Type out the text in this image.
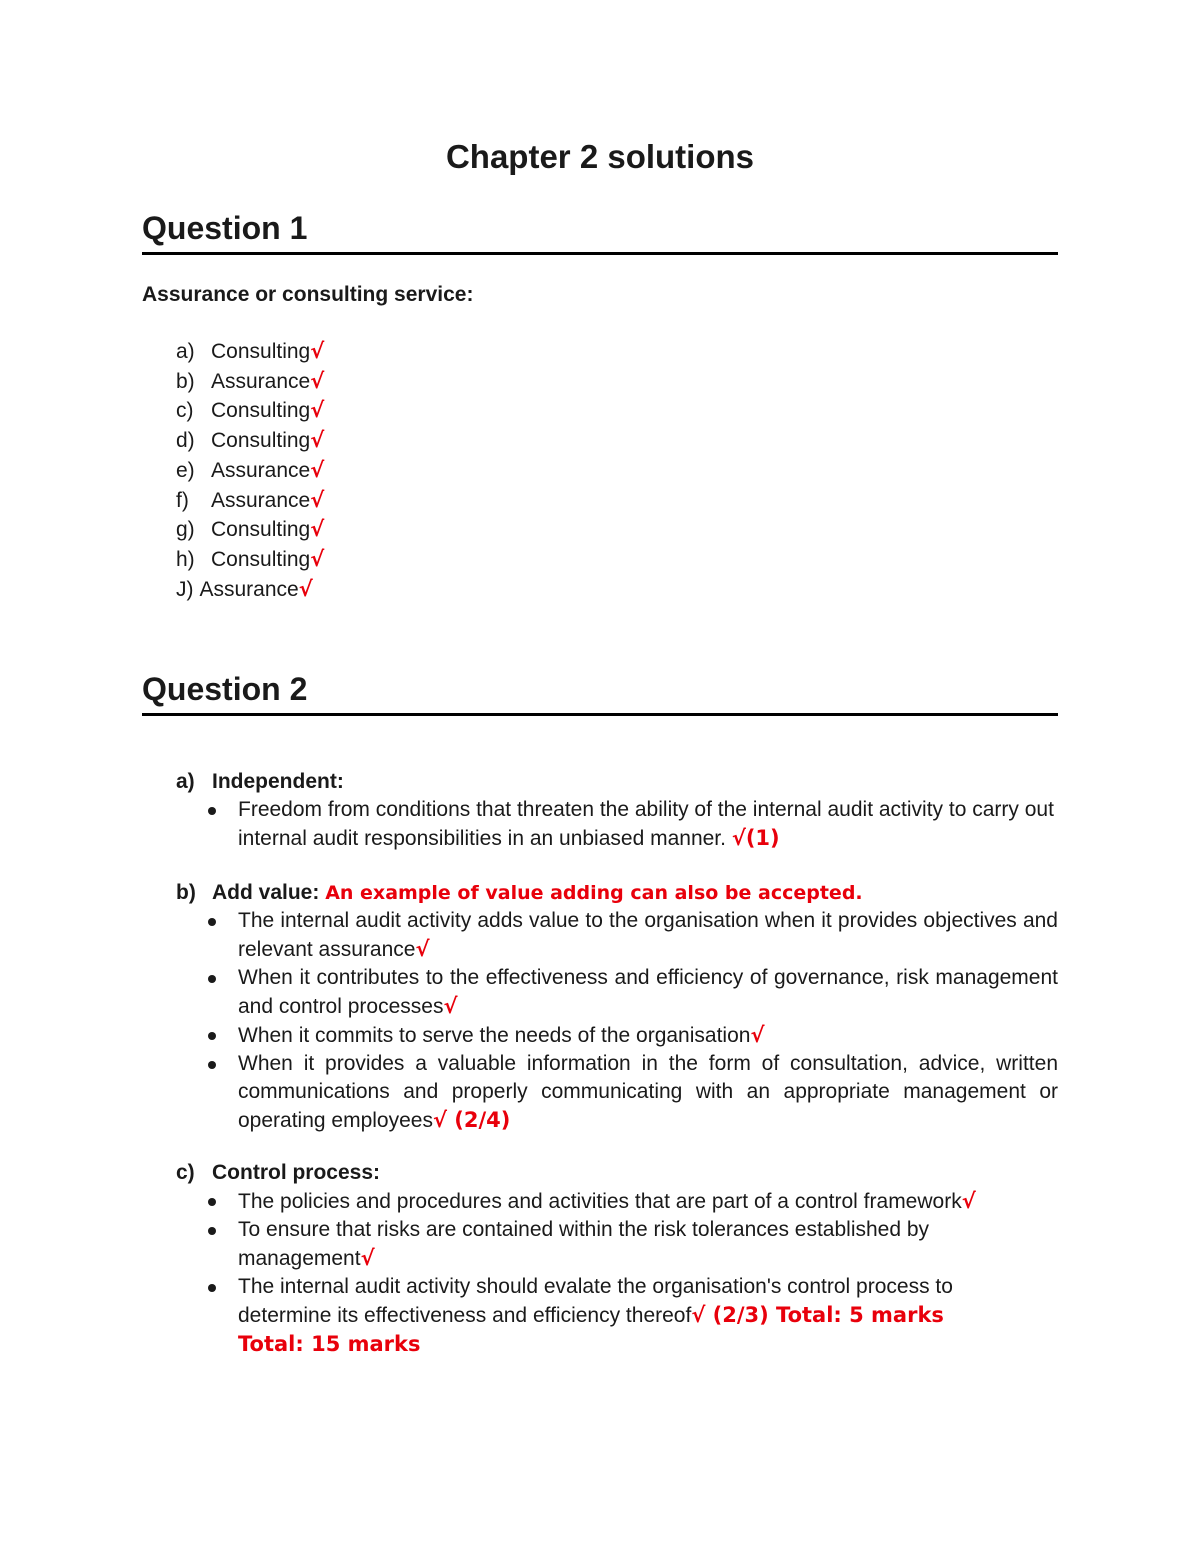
Chapter 2 solutions
Question 1
Assurance or consulting service:
a) Consulting√
b) Assurance√
c) Consulting√
d) Consulting√
e) Assurance√
f) Assurance√
g) Consulting√
h) Consulting√
J) Assurance√
Question 2
a) Independent:
Freedom from conditions that threaten the ability of the internal audit activity to carry out internal audit responsibilities in an unbiased manner. √(1)
b) Add value: An example of value adding can also be accepted.
The internal audit activity adds value to the organisation when it provides objectives and relevant assurance√
When it contributes to the effectiveness and efficiency of governance, risk management and control processes√
When it commits to serve the needs of the organisation√
When it provides a valuable information in the form of consultation, advice, written communications and properly communicating with an appropriate management or operating employees√ (2/4)
c) Control process:
The policies and procedures and activities that are part of a control framework√
To ensure that risks are contained within the risk tolerances established by management√
The internal audit activity should evalate the organisation's control process to determine its effectiveness and efficiency thereof√ (2/3) Total: 5 marks
Total: 15 marks
